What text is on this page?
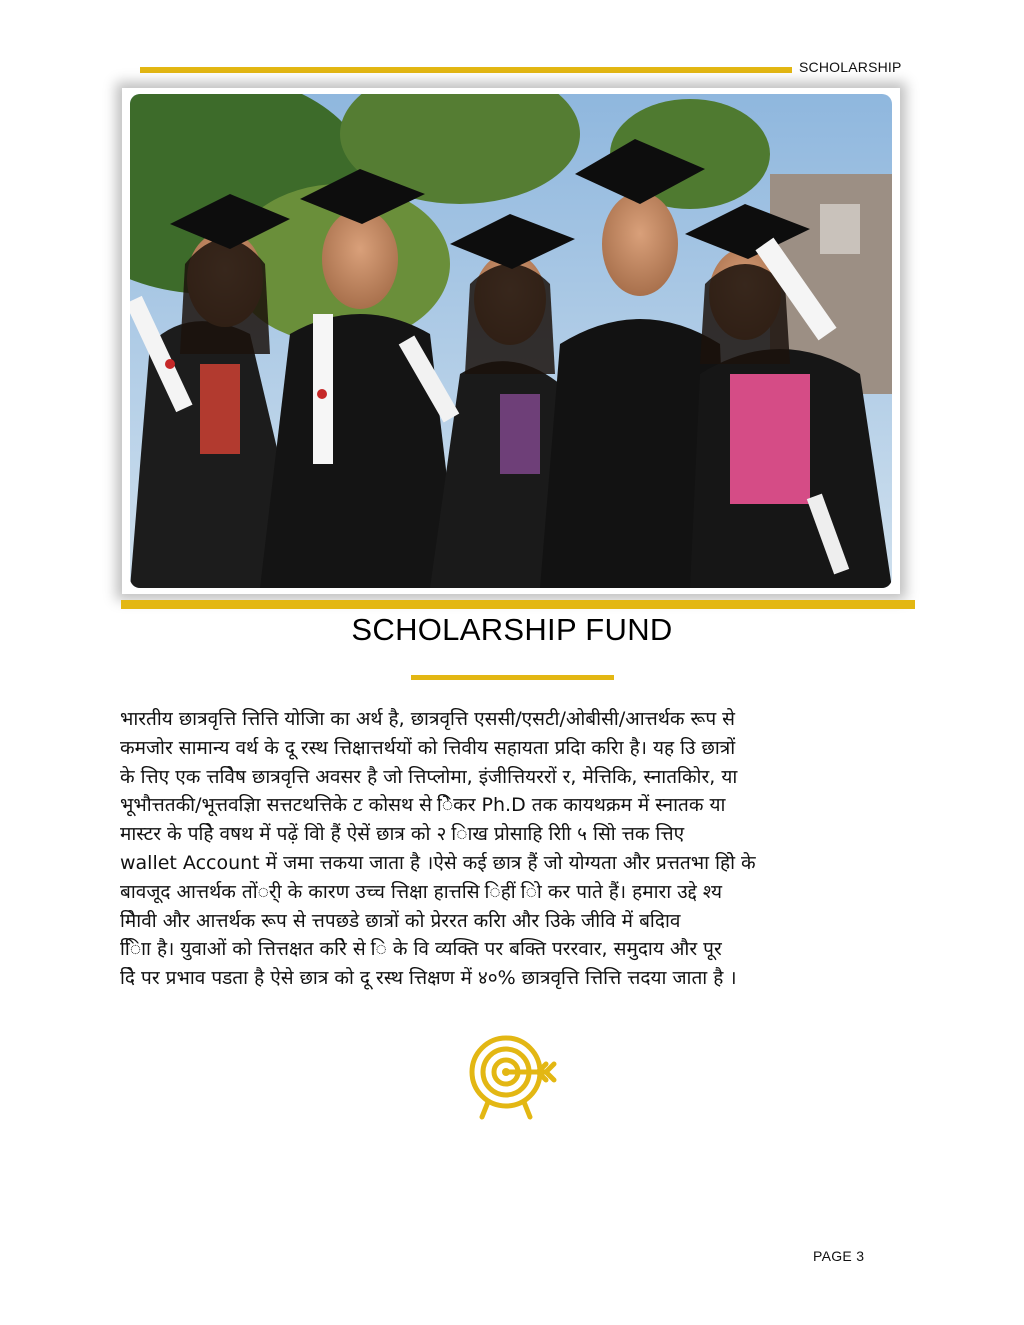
SCHOLARSHIP
SCHOLARSHIP FUND
भारतीय छात्रवृत्ति त्तित्ति योजिा का अर्थ है, छात्रवृत्ति एससी/एसटी/ओबीसी/आत्तर्थक रूप से
कमजोर सामान्य वर्थ के दू रस्थ त्तिक्षात्तर्थयों को त्तिवीय सहायता प्रदाि करिा है। यह उि छात्रों
के त्तिए एक त्तविेष छात्रवृत्ति अवसर है जो त्तिप्लोमा, इंजीत्तियररों र, मेत्तिकि, स्नातकोिर, या
भूभौत्ततकी/भूत्तवज्ञाि सत्तटथत्तिके ट कोसथ से िेकर Ph.D तक कायथक्रम में स्नातक या
मास्टर के पहिे वषथ में पढ़ें वािे हैं ऐसें छात्र को २ िाख प्रोसाहि रािी ५ सािे त्तक त्तिए
wallet Account में जमा त्तकया जाता है ।ऐसे कई छात्र हैं जो योग्यता और प्रत्ततभा होिे के
बावजूद आत्तर्थक तोंर्ी के कारण उच्च त्तिक्षा हात्तसि िहीं िो कर पाते हैं। हमारा उद्दे श्य
मेिावी और आत्तर्थक रूप से त्तपछडे छात्रों को प्रेररत करिा और उिके जीवि में बदिाव
िािा है। युवाओं को त्तित्तक्षत करिे से ि के वि व्यक्ति पर बक्ति पररवार, समुदाय और पूर
देि पर प्रभाव पडता है ऐसे छात्र को दू रस्थ त्तिक्षण में ४०% छात्रवृत्ति त्तित्ति त्तदया जाता है ।
PAGE 3
